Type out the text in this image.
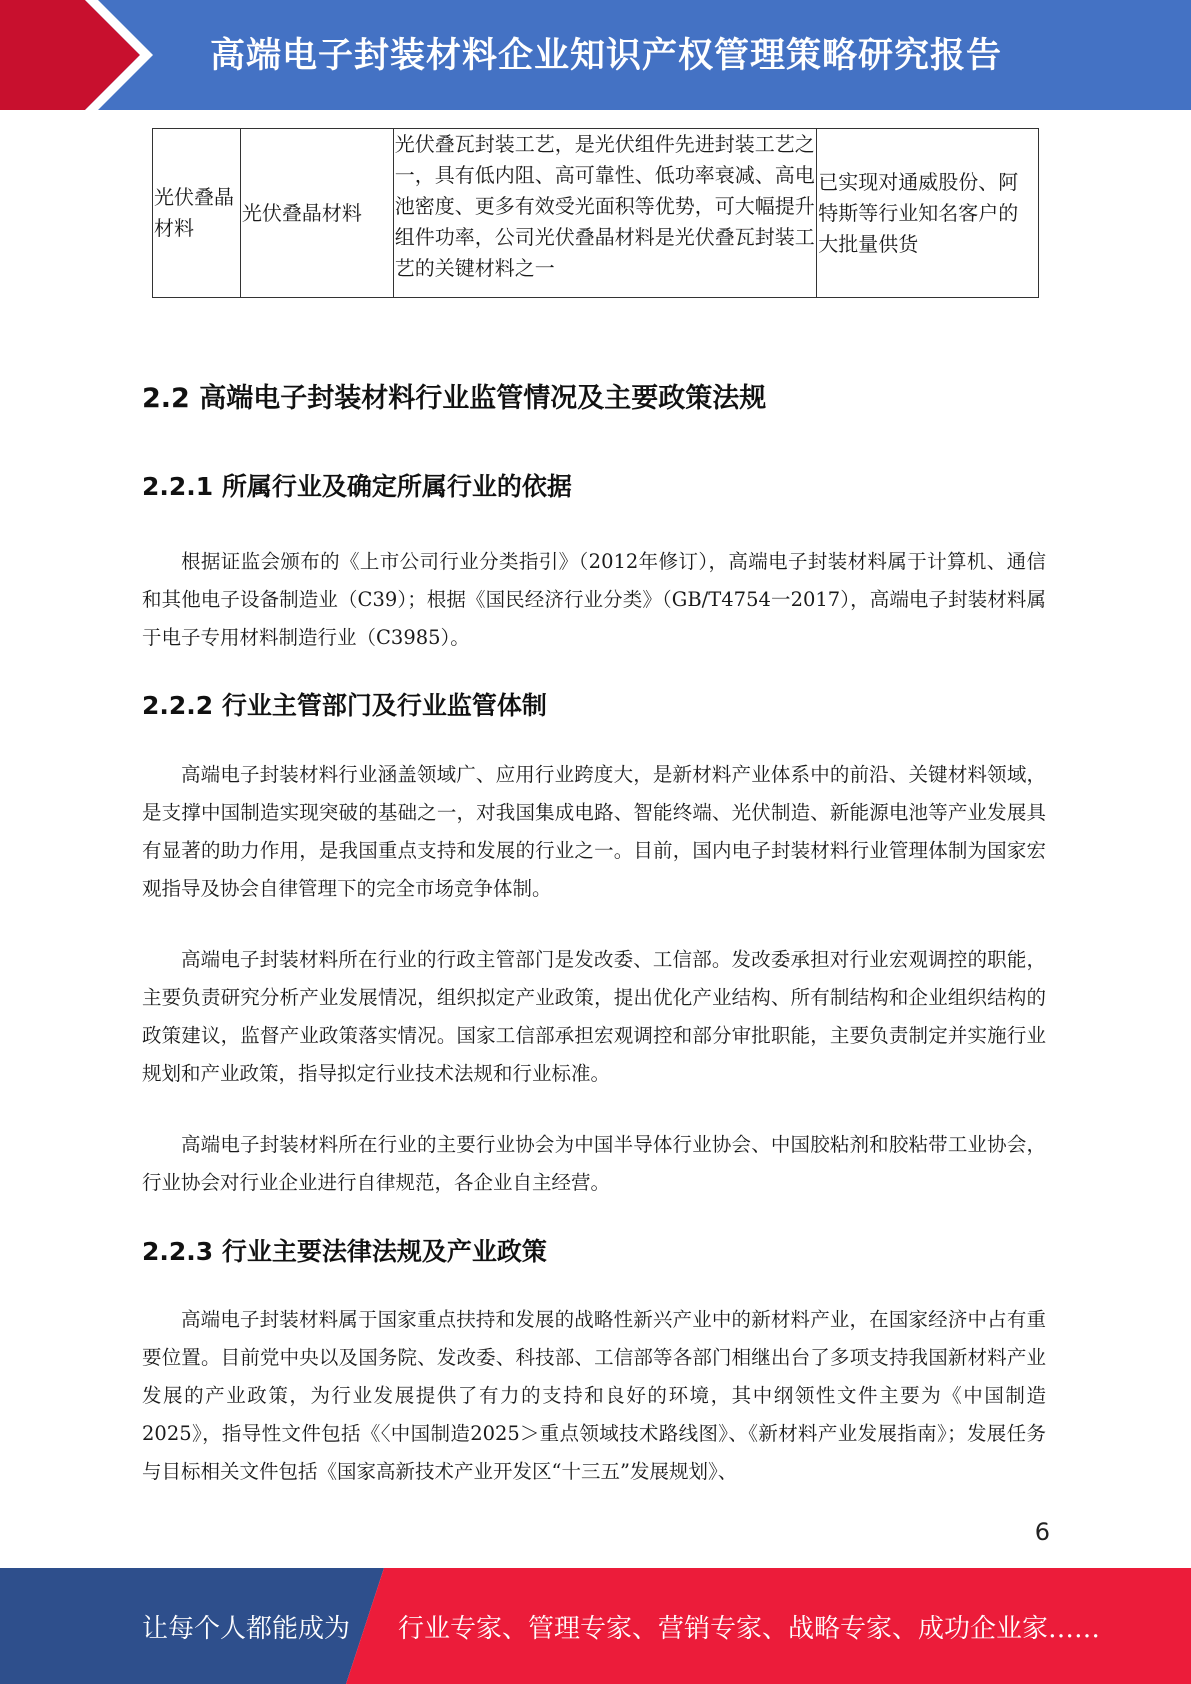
高端电子封装材料企业知识产权管理策略研究报告
光伏叠晶材料	光伏叠晶材料	光伏叠瓦封装工艺，是光伏组件先进封装工艺之一，具有低内阻、高可靠性、低功率衰减、高电池密度、更多有效受光面积等优势，可大幅提升组件功率，公司光伏叠晶材料是光伏叠瓦封装工艺的关键材料之一	已实现对通威股份、阿特斯等行业知名客户的大批量供货
2.2 高端电子封装材料行业监管情况及主要政策法规
2.2.1 所属行业及确定所属行业的依据

根据证监会颁布的《上市公司行业分类指引》（2012年修订），高端电子封装材料属于计算机、通信和其他电子设备制造业（C39）；根据《国民经济行业分类》（GB/T4754一2017），高端电子封装材料属于电子专用材料制造行业（C3985）。

2.2.2 行业主管部门及行业监管体制

高端电子封装材料行业涵盖领域广、应用行业跨度大，是新材料产业体系中的前沿、关键材料领域，是支撑中国制造实现突破的基础之一，对我国集成电路、智能终端、光伏制造、新能源电池等产业发展具有显著的助力作用，是我国重点支持和发展的行业之一。目前，国内电子封装材料行业管理体制为国家宏观指导及协会自律管理下的完全市场竞争体制。

高端电子封装材料所在行业的行政主管部门是发改委、工信部。发改委承担对行业宏观调控的职能，主要负责研究分析产业发展情况，组织拟定产业政策，提出优化产业结构、所有制结构和企业组织结构的政策建议，监督产业政策落实情况。国家工信部承担宏观调控和部分审批职能，主要负责制定并实施行业规划和产业政策，指导拟定行业技术法规和行业标准。

高端电子封装材料所在行业的主要行业协会为中国半导体行业协会、中国胶粘剂和胶粘带工业协会，行业协会对行业企业进行自律规范，各企业自主经营。

2.2.3 行业主要法律法规及产业政策

高端电子封装材料属于国家重点扶持和发展的战略性新兴产业中的新材料产业，在国家经济中占有重要位置。目前党中央以及国务院、发改委、科技部、工信部等各部门相继出台了多项支持我国新材料产业发展的产业政策，为行业发展提供了有力的支持和良好的环境，其中纲领性文件主要为《中国制造2025》，指导性文件包括《〈中国制造2025＞重点领域技术路线图》、《新材料产业发展指南》；发展任务与目标相关文件包括《国家高新技术产业开发区“十三五”发展规划》、

6
让每个人都能成为 行业专家、管理专家、营销专家、战略专家、成功企业家……
